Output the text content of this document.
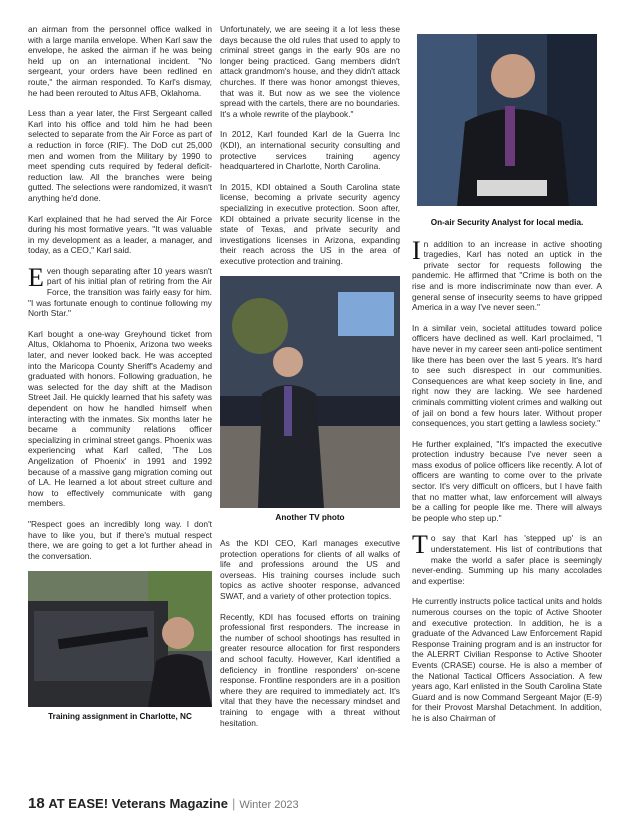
an airman from the personnel office walked in with a large manila envelope. When Karl saw the envelope, he asked the airman if he was being held up on an international incident. "No sergeant, your orders have been redlined en route," the airman responded. To Karl's dismay, he had been rerouted to Altus AFB, Oklahoma.

Less than a year later, the First Sergeant called Karl into his office and told him he had been selected to separate from the Air Force as part of a reduction in force (RIF). The DoD cut 25,000 men and women from the Military by 1990 to meet spending cuts required by federal deficit-reduction law. All the branches were being gutted. The selections were randomized, it wasn't anything he'd done.

Karl explained that he had served the Air Force during his most formative years. "It was valuable in my development as a leader, a manager, and today, as a CEO," Karl said.

Even though separating after 10 years wasn't part of his initial plan of retiring from the Air Force, the transition was fairly easy for him. "I was fortunate enough to continue following my North Star."

Karl bought a one-way Greyhound ticket from Altus, Oklahoma to Phoenix, Arizona two weeks later, and never looked back. He was accepted into the Maricopa County Sheriff's Academy and graduated with honors. Following graduation, he was selected for the day shift at the Madison Street Jail. He quickly learned that his safety was dependent on how he handled himself when interacting with the inmates. Six months later he became a community relations officer specializing in criminal street gangs. Phoenix was experiencing what Karl called, 'The Los Angelization of Phoenix' in 1991 and 1992 because of a massive gang migration coming out of LA. He learned a lot about street culture and how to effectively communicate with gang members.

"Respect goes an incredibly long way. I don't have to like you, but if there's mutual respect there, we are going to get a lot further ahead in the conversation.

Training assignment in Charlotte, NC

Unfortunately, we are seeing it a lot less these days because the old rules that used to apply to criminal street gangs in the early 90s are no longer being practiced. Gang members didn't attack grandmom's house, and they didn't attack churches. If there was honor amongst thieves, that was it. But now as we see the violence spread with the cartels, there are no boundaries. It's a whole rewrite of the playbook."

In 2012, Karl founded Karl de la Guerra Inc (KDI), an international security consulting and protective services training agency headquartered in Charlotte, North Carolina.

In 2015, KDI obtained a South Carolina state license, becoming a private security agency specializing in executive protection. Soon after, KDI obtained a private security license in the state of Texas, and private security and investigations licenses in Arizona, expanding their reach across the US in the area of executive protection and training.

Another TV photo

As the KDI CEO, Karl manages executive protection operations for clients of all walks of life and professions around the US and overseas. His training courses include such topics as active shooter response, advanced SWAT, and a variety of other protection topics.

Recently, KDI has focused efforts on training professional first responders. The increase in the number of school shootings has resulted in greater resource allocation for first responders and school faculty. However, Karl identified a deficiency in frontline responders' on-scene response. Frontline responders are in a position where they are required to immediately act. It's vital that they have the necessary mindset and training to engage with a threat without hesitation.

On-air Security Analyst for local media.

In addition to an increase in active shooting tragedies, Karl has noted an uptick in the private sector for requests following the pandemic. He affirmed that "Crime is both on the rise and is more indiscriminate now than ever. A general sense of insecurity seems to have gripped America in a way I've never seen."

In a similar vein, societal attitudes toward police officers have declined as well. Karl proclaimed, "I have never in my career seen anti-police sentiment like there has been over the last 5 years. It's hard to see such disrespect in our communities. Consequences are what keep society in line, and right now they are lacking. We see hardened criminals committing violent crimes and walking out of jail on bond a few hours later. Without proper consequences, you start getting a lawless society."

He further explained, "It's impacted the executive protection industry because I've never seen a mass exodus of police officers like recently. A lot of officers are wanting to come over to the private sector. It's very difficult on officers, but I have faith that no matter what, law enforcement will always be a calling for people like me. There will always be people who step up."

To say that Karl has 'stepped up' is an understatement. His list of contributions that make the world a safer place is seemingly never-ending. Summing up his many accolades and expertise:

He currently instructs police tactical units and holds numerous courses on the topic of Active Shooter and executive protection. In addition, he is a graduate of the Advanced Law Enforcement Rapid Response Training program and is an instructor for the ALERRT Civilian Response to Active Shooter Events (CRASE) course. He is also a member of the National Tactical Officers Association. A few years ago, Karl enlisted in the South Carolina State Guard and is now Command Sergeant Major (E-9) for their Provost Marshal Detachment. In addition, he is also Chairman of

18 AT EASE! Veterans Magazine | Winter 2023
